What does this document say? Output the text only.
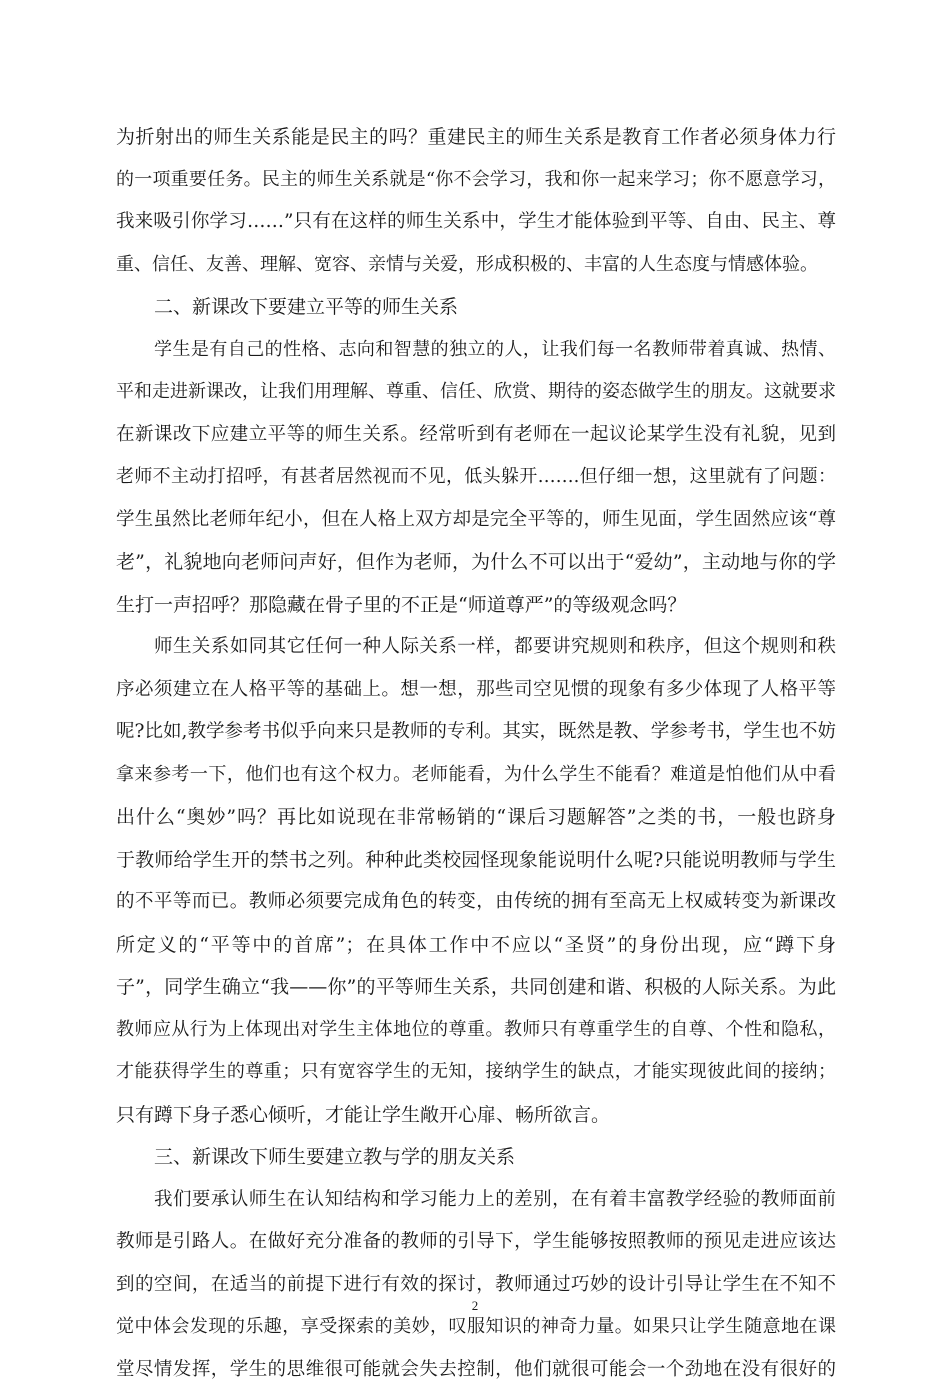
为折射出的师生关系能是民主的吗？重建民主的师生关系是教育工作者必须身体力行
的一项重要任务。民主的师生关系就是“你不会学习，我和你一起来学习；你不愿意学习，
我来吸引你学习……”只有在这样的师生关系中，学生才能体验到平等、自由、民主、尊
重、信任、友善、理解、宽容、亲情与关爱，形成积极的、丰富的人生态度与情感体验。
二、新课改下要建立平等的师生关系
学生是有自己的性格、志向和智慧的独立的人，让我们每一名教师带着真诚、热情、
平和走进新课改，让我们用理解、尊重、信任、欣赏、期待的姿态做学生的朋友。这就要求
在新课改下应建立平等的师生关系。经常听到有老师在一起议论某学生没有礼貌，见到
老师不主动打招呼，有甚者居然视而不见，低头躲开…….但仔细一想，这里就有了问题：
学生虽然比老师年纪小，但在人格上双方却是完全平等的，师生见面，学生固然应该“尊
老”，礼貌地向老师问声好，但作为老师，为什么不可以出于“爱幼”，主动地与你的学
生打一声招呼？那隐藏在骨子里的不正是“师道尊严”的等级观念吗？
师生关系如同其它任何一种人际关系一样，都要讲究规则和秩序，但这个规则和秩
序必须建立在人格平等的基础上。想一想，那些司空见惯的现象有多少体现了人格平等
呢?比如,教学参考书似乎向来只是教师的专利。其实，既然是教、学参考书，学生也不妨
拿来参考一下，他们也有这个权力。老师能看，为什么学生不能看？难道是怕他们从中看
出什么“奥妙”吗？再比如说现在非常畅销的“课后习题解答”之类的书，一般也跻身
于教师给学生开的禁书之列。种种此类校园怪现象能说明什么呢?只能说明教师与学生
的不平等而已。教师必须要完成角色的转变，由传统的拥有至高无上权威转变为新课改
所定义的“平等中的首席”；在具体工作中不应以“圣贤”的身份出现，应“蹲下身
子”，同学生确立“我——你”的平等师生关系，共同创建和谐、积极的人际关系。为此
教师应从行为上体现出对学生主体地位的尊重。教师只有尊重学生的自尊、个性和隐私，
才能获得学生的尊重；只有宽容学生的无知，接纳学生的缺点，才能实现彼此间的接纳；
只有蹲下身子悉心倾听，才能让学生敞开心扉、畅所欲言。
三、新课改下师生要建立教与学的朋友关系
我们要承认师生在认知结构和学习能力上的差别，在有着丰富教学经验的教师面前
教师是引路人。在做好充分准备的教师的引导下，学生能够按照教师的预见走进应该达
到的空间，在适当的前提下进行有效的探讨，教师通过巧妙的设计引导让学生在不知不
觉中体会发现的乐趣，享受探索的美妙，叹服知识的神奇力量。如果只让学生随意地在课
堂尽情发挥，学生的思维很可能就会失去控制，他们就很可能会一个劲地在没有很好的
2
